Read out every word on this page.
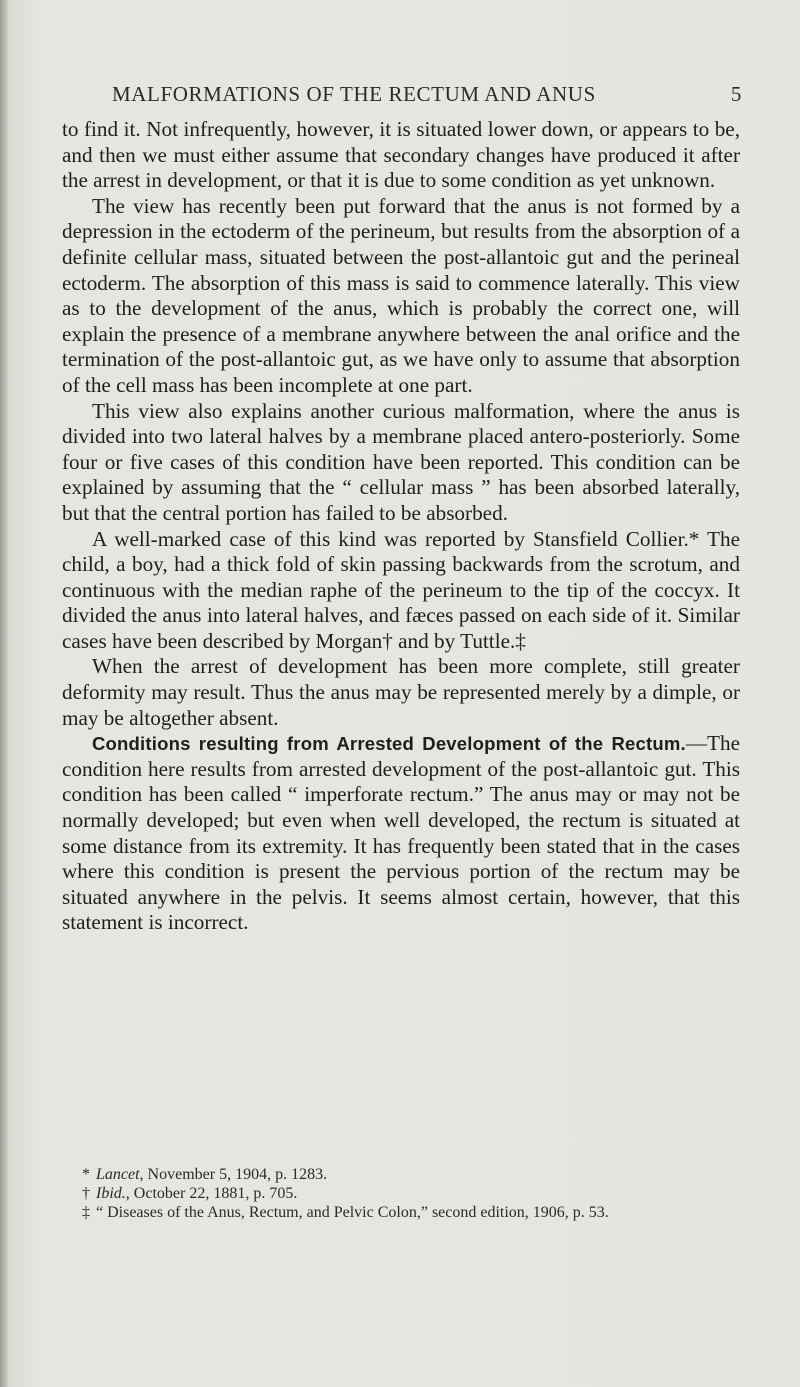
MALFORMATIONS OF THE RECTUM AND ANUS	5

to find it. Not infrequently, however, it is situated lower down, or appears to be, and then we must either assume that secondary changes have produced it after the arrest in development, or that it is due to some condition as yet unknown.

The view has recently been put forward that the anus is not formed by a depression in the ectoderm of the perineum, but results from the absorption of a definite cellular mass, situated between the post-allantoic gut and the perineal ectoderm. The absorption of this mass is said to commence laterally. This view as to the development of the anus, which is probably the correct one, will explain the presence of a membrane anywhere between the anal orifice and the termination of the post-allantoic gut, as we have only to assume that absorption of the cell mass has been incomplete at one part.

This view also explains another curious malformation, where the anus is divided into two lateral halves by a membrane placed antero-posteriorly. Some four or five cases of this condition have been reported. This condition can be explained by assuming that the “ cellular mass ” has been absorbed laterally, but that the central portion has failed to be absorbed.

A well-marked case of this kind was reported by Stansfield Collier.* The child, a boy, had a thick fold of skin passing backwards from the scrotum, and continuous with the median raphe of the perineum to the tip of the coccyx. It divided the anus into lateral halves, and fæces passed on each side of it. Similar cases have been described by Morgan† and by Tuttle.‡

When the arrest of development has been more complete, still greater deformity may result. Thus the anus may be represented merely by a dimple, or may be altogether absent.

Conditions resulting from Arrested Development of the Rectum.—The condition here results from arrested development of the post-allantoic gut. This condition has been called “ imperforate rectum.” The anus may or may not be normally developed; but even when well developed, the rectum is situated at some distance from its extremity. It has frequently been stated that in the cases where this condition is present the pervious portion of the rectum may be situated anywhere in the pelvis. It seems almost certain, however, that this statement is incorrect.

* Lancet, November 5, 1904, p. 1283.

† Ibid., October 22, 1881, p. 705.

‡ “ Diseases of the Anus, Rectum, and Pelvic Colon,” second edition, 1906, p. 53.
